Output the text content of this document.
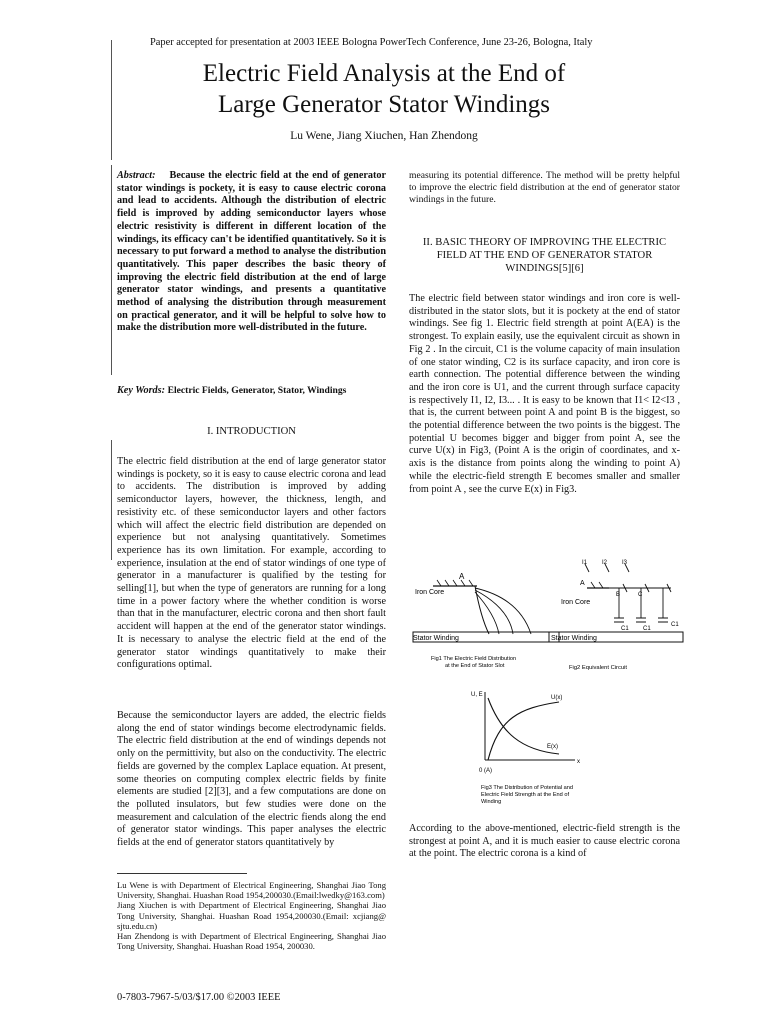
Paper accepted for presentation at 2003 IEEE Bologna PowerTech Conference, June 23-26, Bologna, Italy
Electric Field Analysis at the End of
Large Generator Stator Windings
Lu Wene, Jiang Xiuchen, Han Zhendong
Abstract: Because the electric field at the end of generator stator windings is pockety, it is easy to cause electric corona and lead to accidents. Although the distribution of electric field is improved by adding semiconductor layers whose electric resistivity is different in different location of the windings, its efficacy can't be identified quantitatively. So it is necessary to put forward a method to analyse the distribution quantitatively. This paper describes the basic theory of improving the electric field distribution at the end of large generator stator windings, and presents a quantitative method of analysing the distribution through measurement on practical generator, and it will be helpful to solve how to make the distribution more well-distributed in the future.
Key Words: Electric Fields, Generator, Stator, Windings
I. INTRODUCTION
The electric field distribution at the end of large generator stator windings is pockety, so it is easy to cause electric corona and lead to accidents. The distribution is improved by adding semiconductor layers, however, the thickness, length, and resistivity etc. of these semiconductor layers and other factors which will affect the electric field distribution are depended on experience but not analysing quantitatively. Sometimes experience has its own limitation. For example, according to experience, insulation at the end of stator windings of one type of generator in a manufacturer is qualified by the testing for selling[1], but when the type of generators are running for a long time in a power factory where the whether condition is worse than that in the manufacturer, electric corona and then short fault accident will happen at the end of the generator stator windings. It is necessary to analyse the electric field at the end of the generator stator windings quantitatively to make their configurations optimal.
Because the semiconductor layers are added, the electric fields along the end of stator windings become electrodynamic fields. The electric field distribution at the end of windings depends not only on the permittivity, but also on the conductivity. The electric fields are governed by the complex Laplace equation. At present, some theories on computing complex electric fields by finite elements are studied [2][3], and a few computations are done on the polluted insulators, but few studies were done on the measurement and calculation of the electric fiends along the end of generator stator windings. This paper analyses the electric fields at the end of generator stators quantitatively by
Lu Wene is with Department of Electrical Engineering, Shanghai Jiao Tong University, Shanghai. Huashan Road 1954,200030.(Email:lwedky@163.com)
Jiang Xiuchen is with Department of Electrical Engineering, Shanghai Jiao Tong University, Shanghai. Huashan Road 1954,200030.(Email: xcjiang@ sjtu.edu.cn)
Han Zhendong is with Department of Electrical Engineering, Shanghai Jiao Tong University, Shanghai. Huashan Road 1954, 200030.
0-7803-7967-5/03/$17.00 ©2003 IEEE
measuring its potential difference. The method will be pretty helpful to improve the electric field distribution at the end of generator stator windings in the future.
II. BASIC THEORY OF IMPROVING THE ELECTRIC
FIELD AT THE END OF GENERATOR STATOR
WINDINGS[5][6]
The electric field between stator windings and iron core is well-distributed in the stator slots, but it is pockety at the end of stator windings. See fig 1. Electric field strength at point A(EA) is the strongest. To explain easily, use the equivalent circuit as shown in Fig 2 . In the circuit, C1 is the volume capacity of main insulation of one stator winding, C2 is its surface capacity, and iron core is earth connection. The potential difference between the winding and the iron core is U1, and the current through surface capacity is respectively I1, I2, I3... . It is easy to be known that I1< I2<I3 , that is, the current between point A and point B is the biggest, so the potential difference between the two points is the biggest. The potential U becomes bigger and bigger from point A, see the curve U(x) in Fig3, (Point A is the origin of coordinates, and x-axis is the distance from points along the winding to point A) while the electric-field strength E becomes smaller and smaller from point A , see the curve E(x) in Fig3.
A
Iron Core
Stator Winding
Fig1 The Electric Field Distribution
at the End of Stator Slot
I1 I2 I3
A
B	C
Iron Core
C1 C1
C1
Stator Winding
Fig2 Equivalent Circuit
U, E
x
0 (A)
U(x)
E(x)
Fig3 The Distribution of Potential and
Electric Field Strength at the End of
Winding
According to the above-mentioned, electric-field strength is the strongest at point A, and it is much easier to cause electric corona at the point. The electric corona is a kind of
